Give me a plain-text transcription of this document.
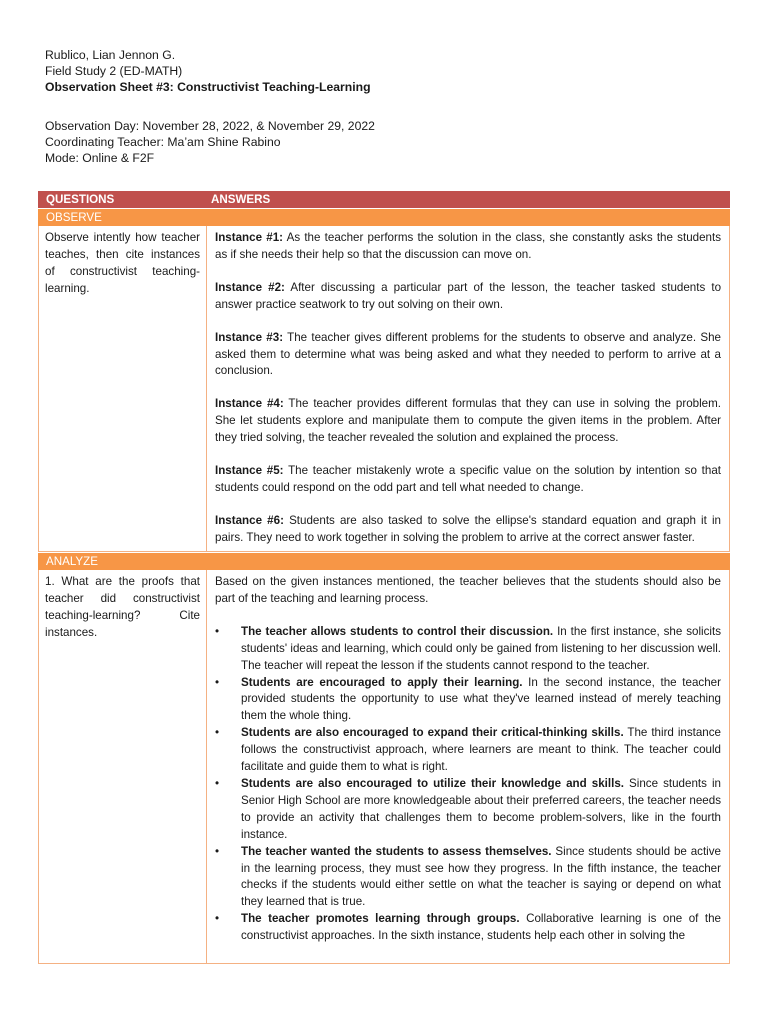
Rublico, Lian Jennon G.
Field Study 2 (ED-MATH)
Observation Sheet #3: Constructivist Teaching-Learning
Observation Day: November 28, 2022, & November 29, 2022
Coordinating Teacher: Ma’am Shine Rabino
Mode: Online & F2F
QUESTIONS	ANSWERS
OBSERVE
Observe intently how teacher teaches, then cite instances of constructivist teaching-learning.

Instance #1: As the teacher performs the solution in the class, she constantly asks the students as if she needs their help so that the discussion can move on.

Instance #2: After discussing a particular part of the lesson, the teacher tasked students to answer practice seatwork to try out solving on their own.

Instance #3: The teacher gives different problems for the students to observe and analyze. She asked them to determine what was being asked and what they needed to perform to arrive at a conclusion.

Instance #4: The teacher provides different formulas that they can use in solving the problem. She let students explore and manipulate them to compute the given items in the problem. After they tried solving, the teacher revealed the solution and explained the process.

Instance #5: The teacher mistakenly wrote a specific value on the solution by intention so that students could respond on the odd part and tell what needed to change.

Instance #6: Students are also tasked to solve the ellipse's standard equation and graph it in pairs. They need to work together in solving the problem to arrive at the correct answer faster.

ANALYZE
1. What are the proofs that teacher did constructivist teaching-learning? Cite instances.

Based on the given instances mentioned, the teacher believes that the students should also be part of the teaching and learning process.

• The teacher allows students to control their discussion. In the first instance, she solicits students' ideas and learning, which could only be gained from listening to her discussion well. The teacher will repeat the lesson if the students cannot respond to the teacher.
• Students are encouraged to apply their learning. In the second instance, the teacher provided students the opportunity to use what they've learned instead of merely teaching them the whole thing.
• Students are also encouraged to expand their critical-thinking skills. The third instance follows the constructivist approach, where learners are meant to think. The teacher could facilitate and guide them to what is right.
• Students are also encouraged to utilize their knowledge and skills. Since students in Senior High School are more knowledgeable about their preferred careers, the teacher needs to provide an activity that challenges them to become problem-solvers, like in the fourth instance.
• The teacher wanted the students to assess themselves. Since students should be active in the learning process, they must see how they progress. In the fifth instance, the teacher checks if the students would either settle on what the teacher is saying or depend on what they learned that is true.
• The teacher promotes learning through groups. Collaborative learning is one of the constructivist approaches. In the sixth instance, students help each other in solving the
